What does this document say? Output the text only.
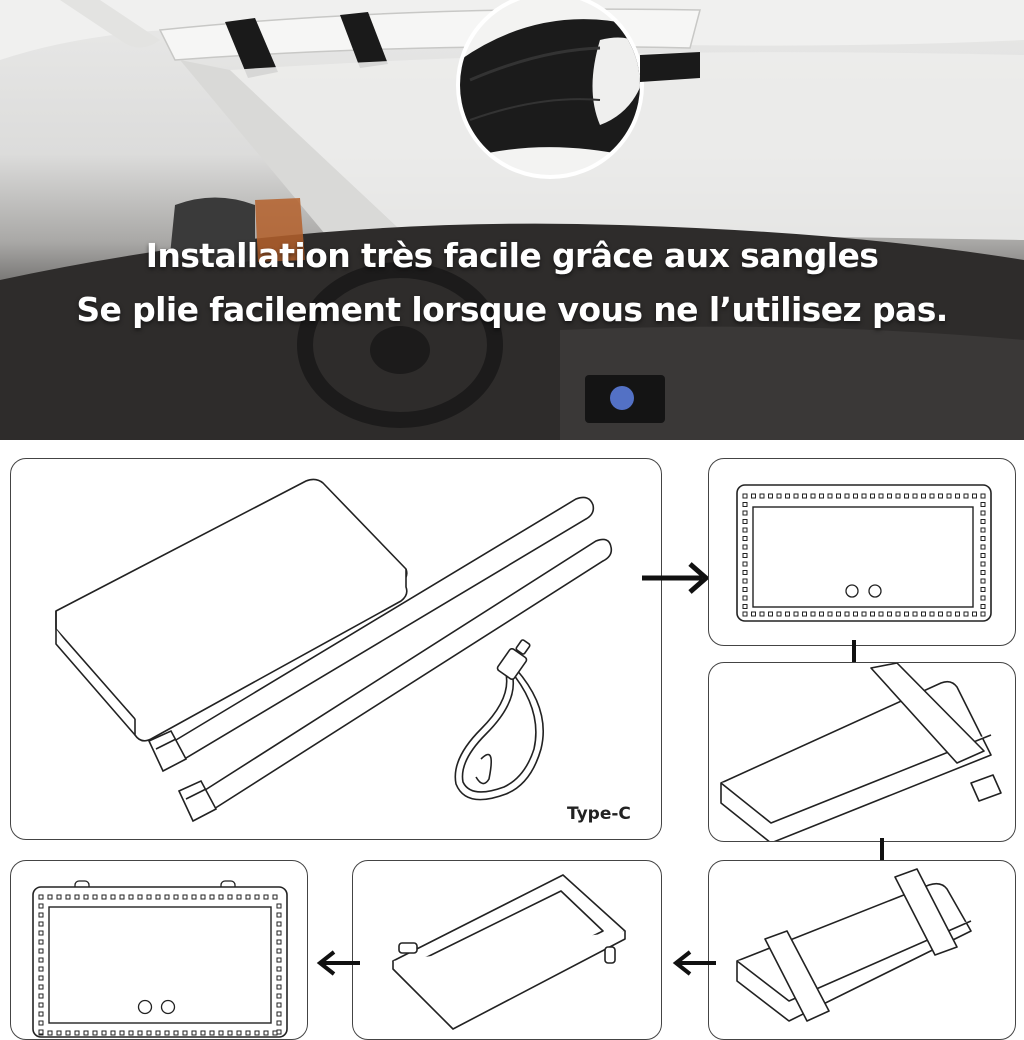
Installation très facile grâce aux sangles

Se plie facilement lorsque vous ne l’utilisez pas.

Type-C
